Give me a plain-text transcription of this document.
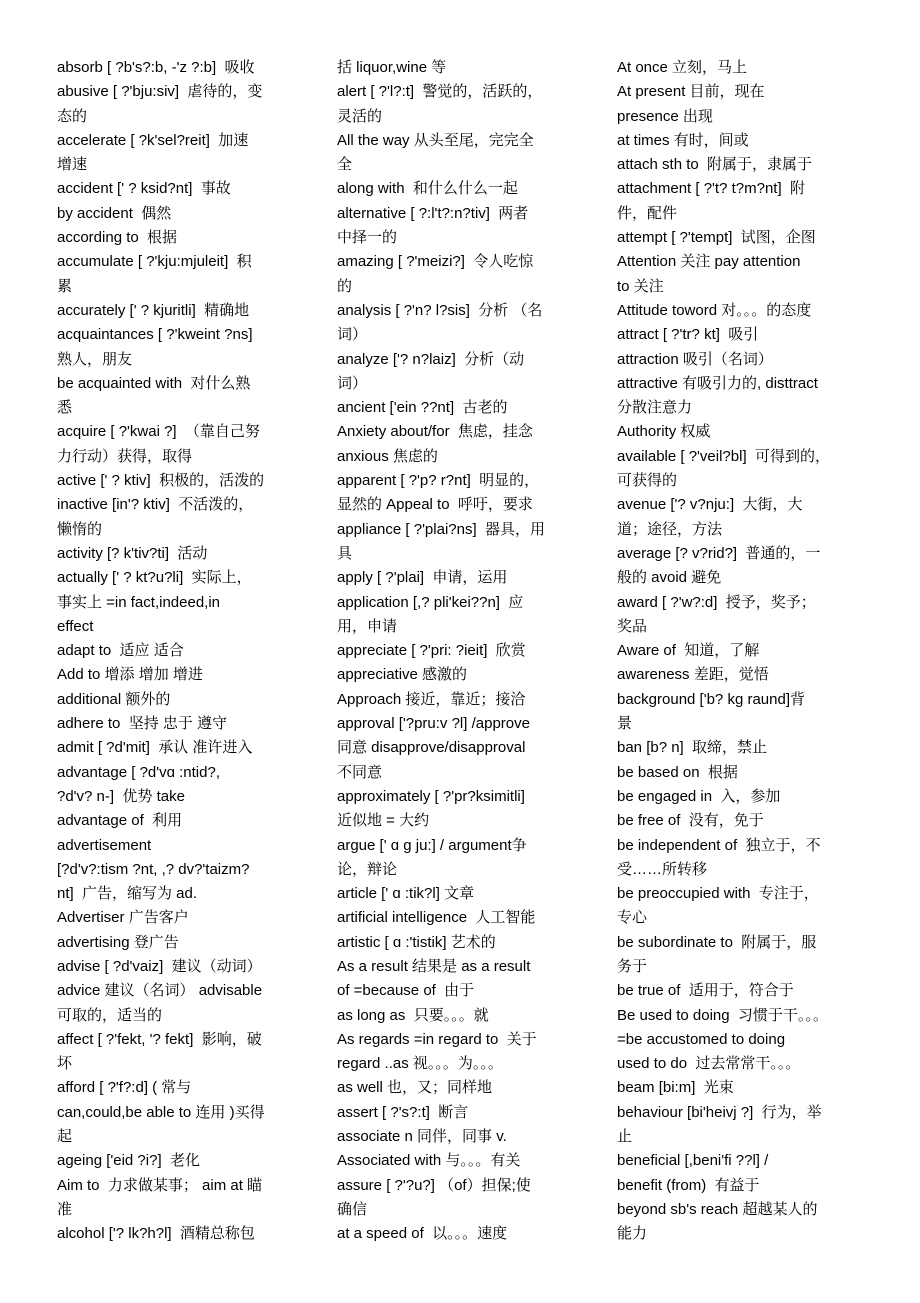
absorb [ ?b's?:b, -'z ?:b]  吸收
abusive [ ?'bju:siv]  虐待的，变
态的
accelerate [ ?k'sel?reit]  加速
增速
accident [' ? ksid?nt]  事故
by accident  偶然
according to  根据
accumulate [ ?'kju:mjuleit]  积
累
accurately [' ? kjuritli]  精确地
acquaintances [ ?'kweint ?ns]
熟人，朋友
be acquainted with  对什么熟
悉
acquire [ ?'kwai ?]  （靠自己努
力行动）获得，取得
active [' ? ktiv]  积极的，活泼的
inactive [in'? ktiv]  不活泼的，
懒惰的
activity [? k'tiv?ti]  活动
actually [' ? kt?u?li]  实际上，
事实上 =in fact,indeed,in
effect
adapt to  适应 适合
Add to 增添 增加 增进
additional 额外的
adhere to  坚持 忠于 遵守
admit [ ?d'mit]  承认 准许进入
advantage [ ?d'vɑ :ntid?,
?d'v? n-]  优势 take
advantage of  利用
advertisement
[?d'v?:tism ?nt, ,? dv?'taizm?
nt]  广告，缩写为 ad.
Advertiser 广告客户
advertising 登广告
advise [ ?d'vaiz]  建议（动词）
advice 建议（名词） advisable
可取的，适当的
affect [ ?'fekt, '? fekt]  影响，破
坏
afford [ ?'f?:d] ( 常与
can,could,be able to 连用 )买得
起
ageing ['eid ?i?]  老化
Aim to  力求做某事； aim at 瞄
准
alcohol ['? lk?h?l]  酒精总称包
括 liquor,wine 等
alert [ ?'l?:t]  警觉的，活跃的，
灵活的
All the way 从头至尾，完完全
全
along with  和什么什么一起
alternative [ ?:l't?:n?tiv]  两者
中择一的
amazing [ ?'meizi?]  令人吃惊
的
analysis [ ?'n? l?sis]  分析 （名
词）
analyze ['? n?laiz]  分析（动
词）
ancient ['ein ??nt]  古老的
Anxiety about/for  焦虑，挂念
anxious 焦虑的
apparent [ ?'p? r?nt]  明显的，
显然的 Appeal to  呼吁，要求
appliance [ ?'plai?ns]  器具，用
具
apply [ ?'plai]  申请，运用
application [,? pli'kei??n]  应
用，申请
appreciate [ ?'pri: ?ieit]  欣赏
appreciative 感激的
Approach 接近，靠近；接洽
approval ['?pru:v ?l] /approve
同意 disapprove/disapproval
不同意
approximately [ ?'pr?ksimitli]
近似地 = 大约
argue [' ɑ ɡ ju:] / argument争
论，辩论
article [' ɑ :tik?l] 文章
artificial intelligence  人工智能
artistic [ ɑ :'tistik] 艺术的
As a result 结果是 as a result
of =because of  由于
as long as  只要。。。就
As regards =in regard to  关于
regard ..as 视。。。为。。。
as well 也，又；同样地
assert [ ?'s?:t]  断言
associate n 同伴，同事 v.
Associated with 与。。。有关
assure [ ?'?u?] （of）担保;使
确信
at a speed of  以。。。速度
At once 立刻，马上
At present 目前，现在
presence 出现
at times 有时，间或
attach sth to  附属于，隶属于
attachment [ ?'t? t?m?nt]  附
件，配件
attempt [ ?'tempt]  试图，企图
Attention 关注 pay attention
to 关注
Attitude toword 对。。。的态度
attract [ ?'tr? kt]  吸引
attraction 吸引（名词）
attractive 有吸引力的, disttract
分散注意力
Authority 权威
available [ ?'veil?bl]  可得到的，
可获得的
avenue ['? v?nju:]  大街，大
道；途径，方法
average [? v?rid?]  普通的，一
般的 avoid 避免
award [ ?'w?:d]  授予，奖予；
奖品
Aware of  知道，了解
awareness 差距，觉悟
background ['b? kɡ raund]背
景
ban [b? n]  取缔，禁止
be based on  根据
be engaged in  入，参加
be free of  没有，免于
be independent of  独立于，不
受……所转移
be preoccupied with  专注于，
专心
be subordinate to  附属于，服
务于
be true of  适用于，符合于
Be used to doing  习惯于干。。。
=be accustomed to doing
used to do  过去常常干。。。
beam [bi:m]  光束
behaviour [bi'heivj ?]  行为，举
止
beneficial [,beni'fi ??l] /
benefit (from)  有益于
beyond sb's reach 超越某人的
能力
